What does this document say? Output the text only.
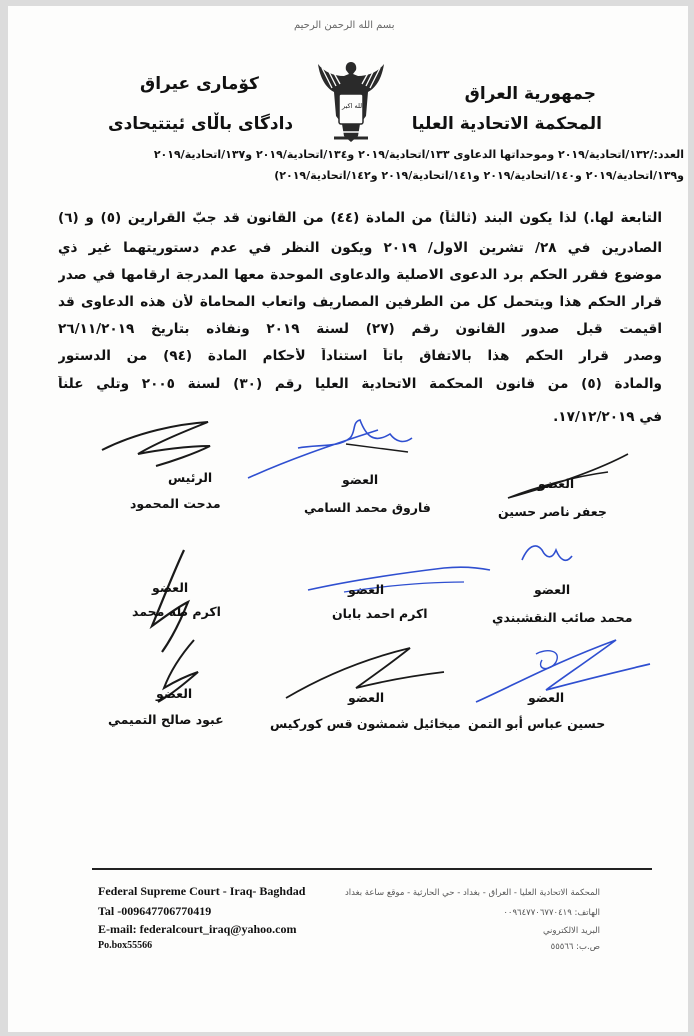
بسم الله الرحمن الرحيم
جمهورية العراق
المحكمة الاتحادية العليا
كۆماری عیراق
دادگای باڵای ئیتتیحادی
الله اكبر
العدد:/١٣٢/اتحادية/٢٠١٩ وموحداتها الدعاوى ١٣٣/اتحادية/٢٠١٩ و١٣٤/اتحادية/٢٠١٩ و١٣٧/اتحادية/٢٠١٩
و١٣٩/اتحادية/٢٠١٩ و١٤٠/اتحادية/٢٠١٩ و١٤١/اتحادية/٢٠١٩ و١٤٢/اتحادية/٢٠١٩)
التابعة لها.) لذا يكون البند (ثالثاً) من المادة (٤٤) من القانون قد جبّ القرارين (٥) و (٦)
الصادرين في ٢٨/ تشرين الاول/ ٢٠١٩ ويكون النظر في عدم دستوريتهما غير ذي
موضوع فقرر الحكم برد الدعوى الاصلية والدعاوى الموحدة معها المدرجة ارقامها في صدر
قرار الحكم هذا ويتحمل كل من الطرفين المصاريف واتعاب المحاماة لأن هذه الدعاوى قد
اقيمت قبل صدور القانون رقم (٢٧) لسنة ٢٠١٩ ونفاذه بتاريخ ٢٦/١١/٢٠١٩
وصدر قرار الحكم هذا بالاتفاق باتاً استناداً لأحكام المادة (٩٤) من الدستور
والمادة (٥) من قانون المحكمة الاتحادية العليا رقم (٣٠) لسنة ٢٠٠٥ وتلي علناً
في ١٧/١٢/٢٠١٩.
الرئيس
مدحت المحمود
العضو
فاروق محمد السامي
العضو
جعفر ناصر حسين
العضو
اكرم طه محمد
العضو
اكرم احمد بابان
العضو
محمد صائب النقشبندي
العضو
عبود صالح التميمي
العضو
ميخائيل شمشون قس كوركيس
العضو
حسين عباس أبو التمن
Federal Supreme Court - Iraq- Baghdad
Tal -009647706770419
E-mail: federalcourt_iraq@yahoo.com
Po.box55566
المحكمة الاتحادية العليا - العراق - بغداد - حي الحارثية - موقع ساعة بغداد
الهاتف: ٠٠٩٦٤٧٧٠٦٧٧٠٤١٩
البريد الالكتروني
ص.ب: ٥٥٥٦٦
